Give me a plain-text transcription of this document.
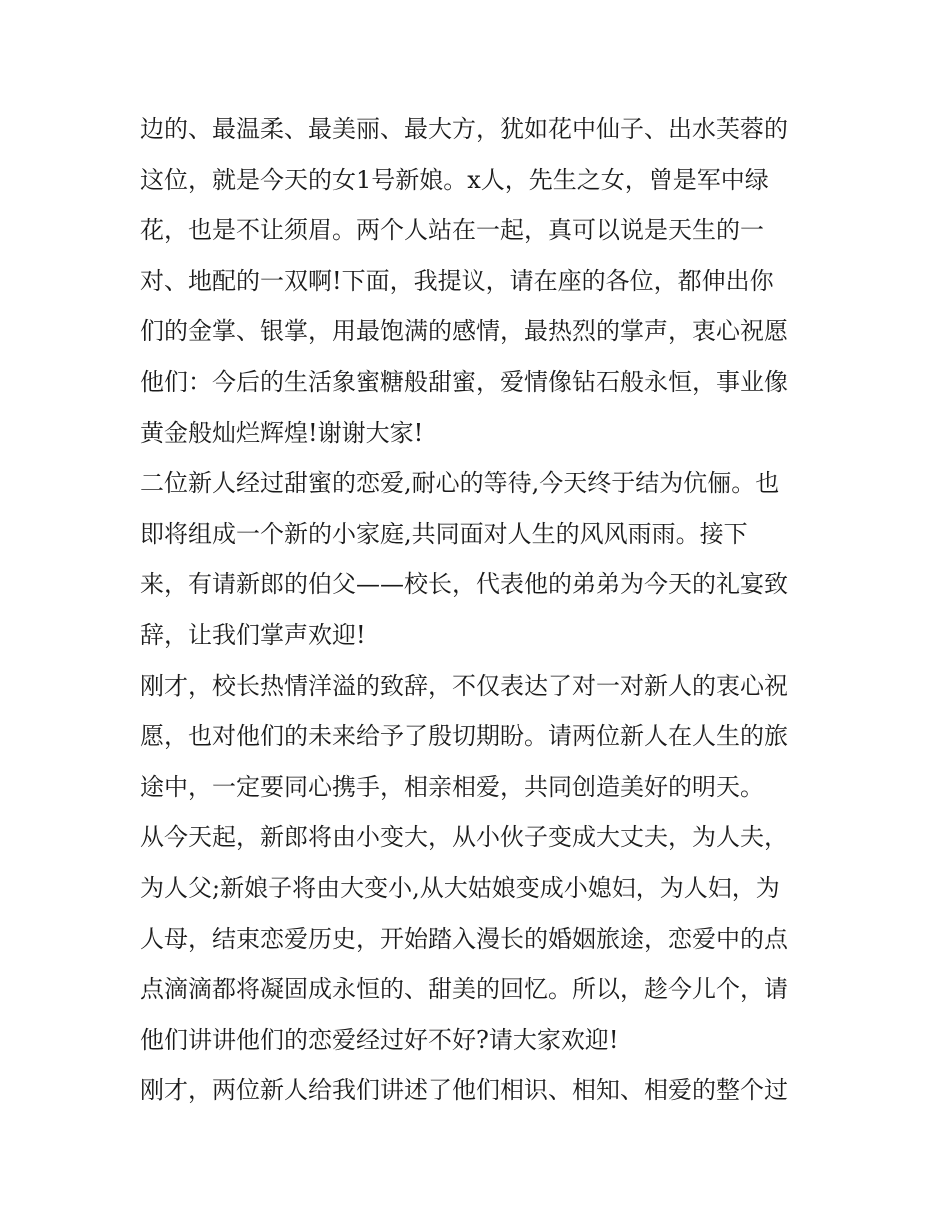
边的、最温柔、最美丽、最大方，犹如花中仙子、出水芙蓉的
这位，就是今天的女1号新娘。x人，先生之女，曾是军中绿
花，也是不让须眉。两个人站在一起，真可以说是天生的一
对、地配的一双啊!下面，我提议，请在座的各位，都伸出你
们的金掌、银掌，用最饱满的感情，最热烈的掌声，衷心祝愿
他们：今后的生活象蜜糖般甜蜜，爱情像钻石般永恒，事业像
黄金般灿烂辉煌!谢谢大家!
二位新人经过甜蜜的恋爱,耐心的等待,今天终于结为伉俪。也
即将组成一个新的小家庭,共同面对人生的风风雨雨。接下
来，有请新郎的伯父——校长，代表他的弟弟为今天的礼宴致
辞，让我们掌声欢迎!
刚才，校长热情洋溢的致辞，不仅表达了对一对新人的衷心祝
愿，也对他们的未来给予了殷切期盼。请两位新人在人生的旅
途中，一定要同心携手，相亲相爱，共同创造美好的明天。
从今天起，新郎将由小变大，从小伙子变成大丈夫，为人夫，
为人父;新娘子将由大变小,从大姑娘变成小媳妇，为人妇，为
人母，结束恋爱历史，开始踏入漫长的婚姻旅途，恋爱中的点
点滴滴都将凝固成永恒的、甜美的回忆。所以，趁今儿个，请
他们讲讲他们的恋爱经过好不好?请大家欢迎!
刚才，两位新人给我们讲述了他们相识、相知、相爱的整个过
